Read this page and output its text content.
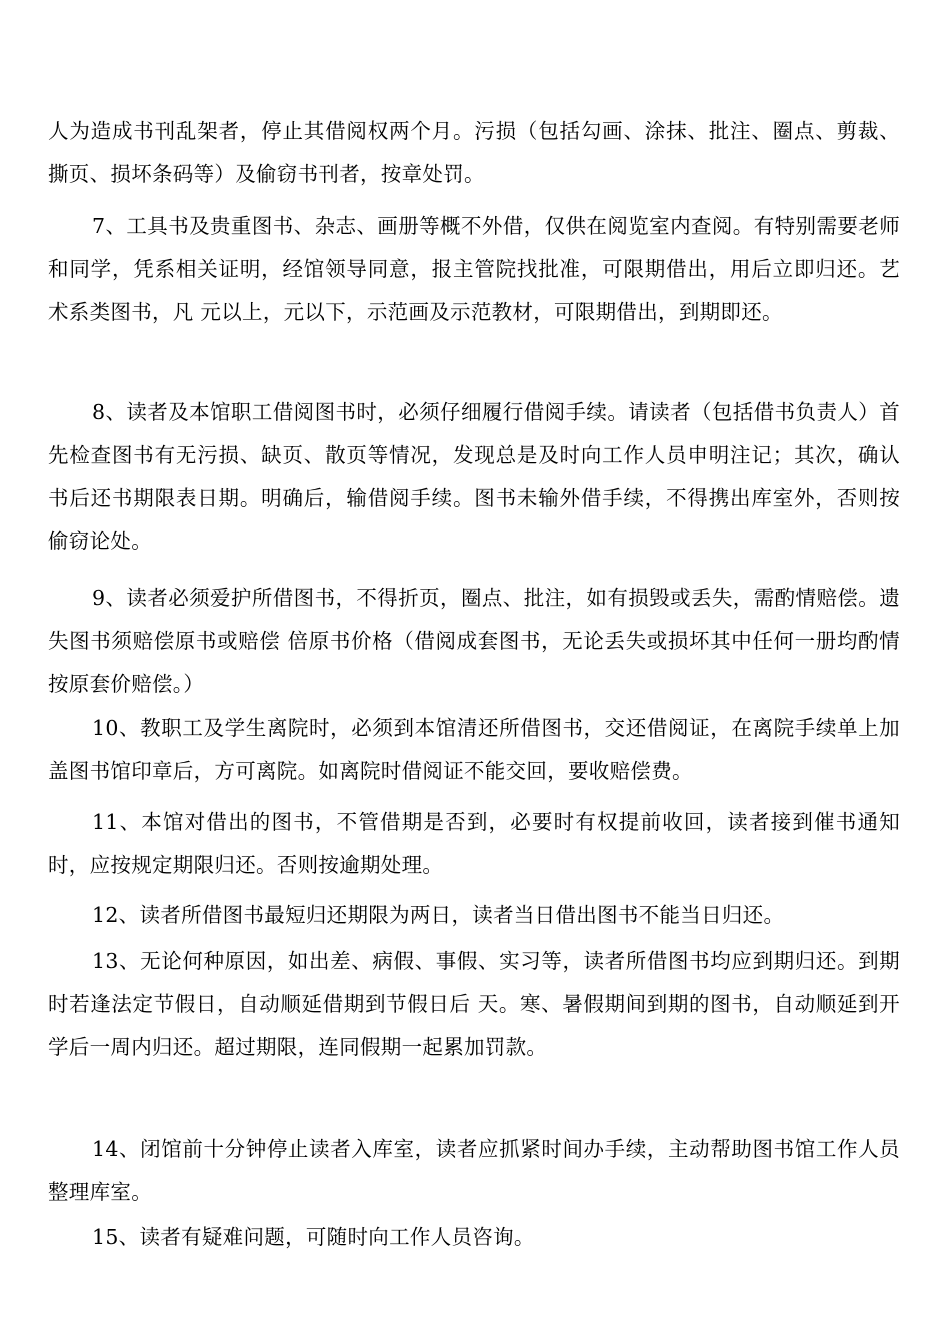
人为造成书刊乱架者，停止其借阅权两个月。污损（包括勾画、涂抹、批注、圈点、剪裁、撕页、损坏条码等）及偷窃书刊者，按章处罚。

7、工具书及贵重图书、杂志、画册等概不外借，仅供在阅览室内查阅。有特别需要老师和同学，凭系相关证明，经馆领导同意，报主管院找批准，可限期借出，用后立即归还。艺术系类图书，凡 元以上，元以下，示范画及示范教材，可限期借出，到期即还。

8、读者及本馆职工借阅图书时，必须仔细履行借阅手续。请读者（包括借书负责人）首先检查图书有无污损、缺页、散页等情况，发现总是及时向工作人员申明注记；其次，确认书后还书期限表日期。明确后，输借阅手续。图书未输外借手续，不得携出库室外，否则按偷窃论处。

9、读者必须爱护所借图书，不得折页，圈点、批注，如有损毁或丢失，需酌情赔偿。遗失图书须赔偿原书或赔偿 倍原书价格（借阅成套图书，无论丢失或损坏其中任何一册均酌情按原套价赔偿。）

10、教职工及学生离院时，必须到本馆清还所借图书，交还借阅证，在离院手续单上加盖图书馆印章后，方可离院。如离院时借阅证不能交回，要收赔偿费。

11、本馆对借出的图书，不管借期是否到，必要时有权提前收回，读者接到催书通知时，应按规定期限归还。否则按逾期处理。

12、读者所借图书最短归还期限为两日，读者当日借出图书不能当日归还。

13、无论何种原因，如出差、病假、事假、实习等，读者所借图书均应到期归还。到期时若逢法定节假日，自动顺延借期到节假日后 天。寒、暑假期间到期的图书，自动顺延到开学后一周内归还。超过期限，连同假期一起累加罚款。

14、闭馆前十分钟停止读者入库室，读者应抓紧时间办手续，主动帮助图书馆工作人员整理库室。

15、读者有疑难问题，可随时向工作人员咨询。
